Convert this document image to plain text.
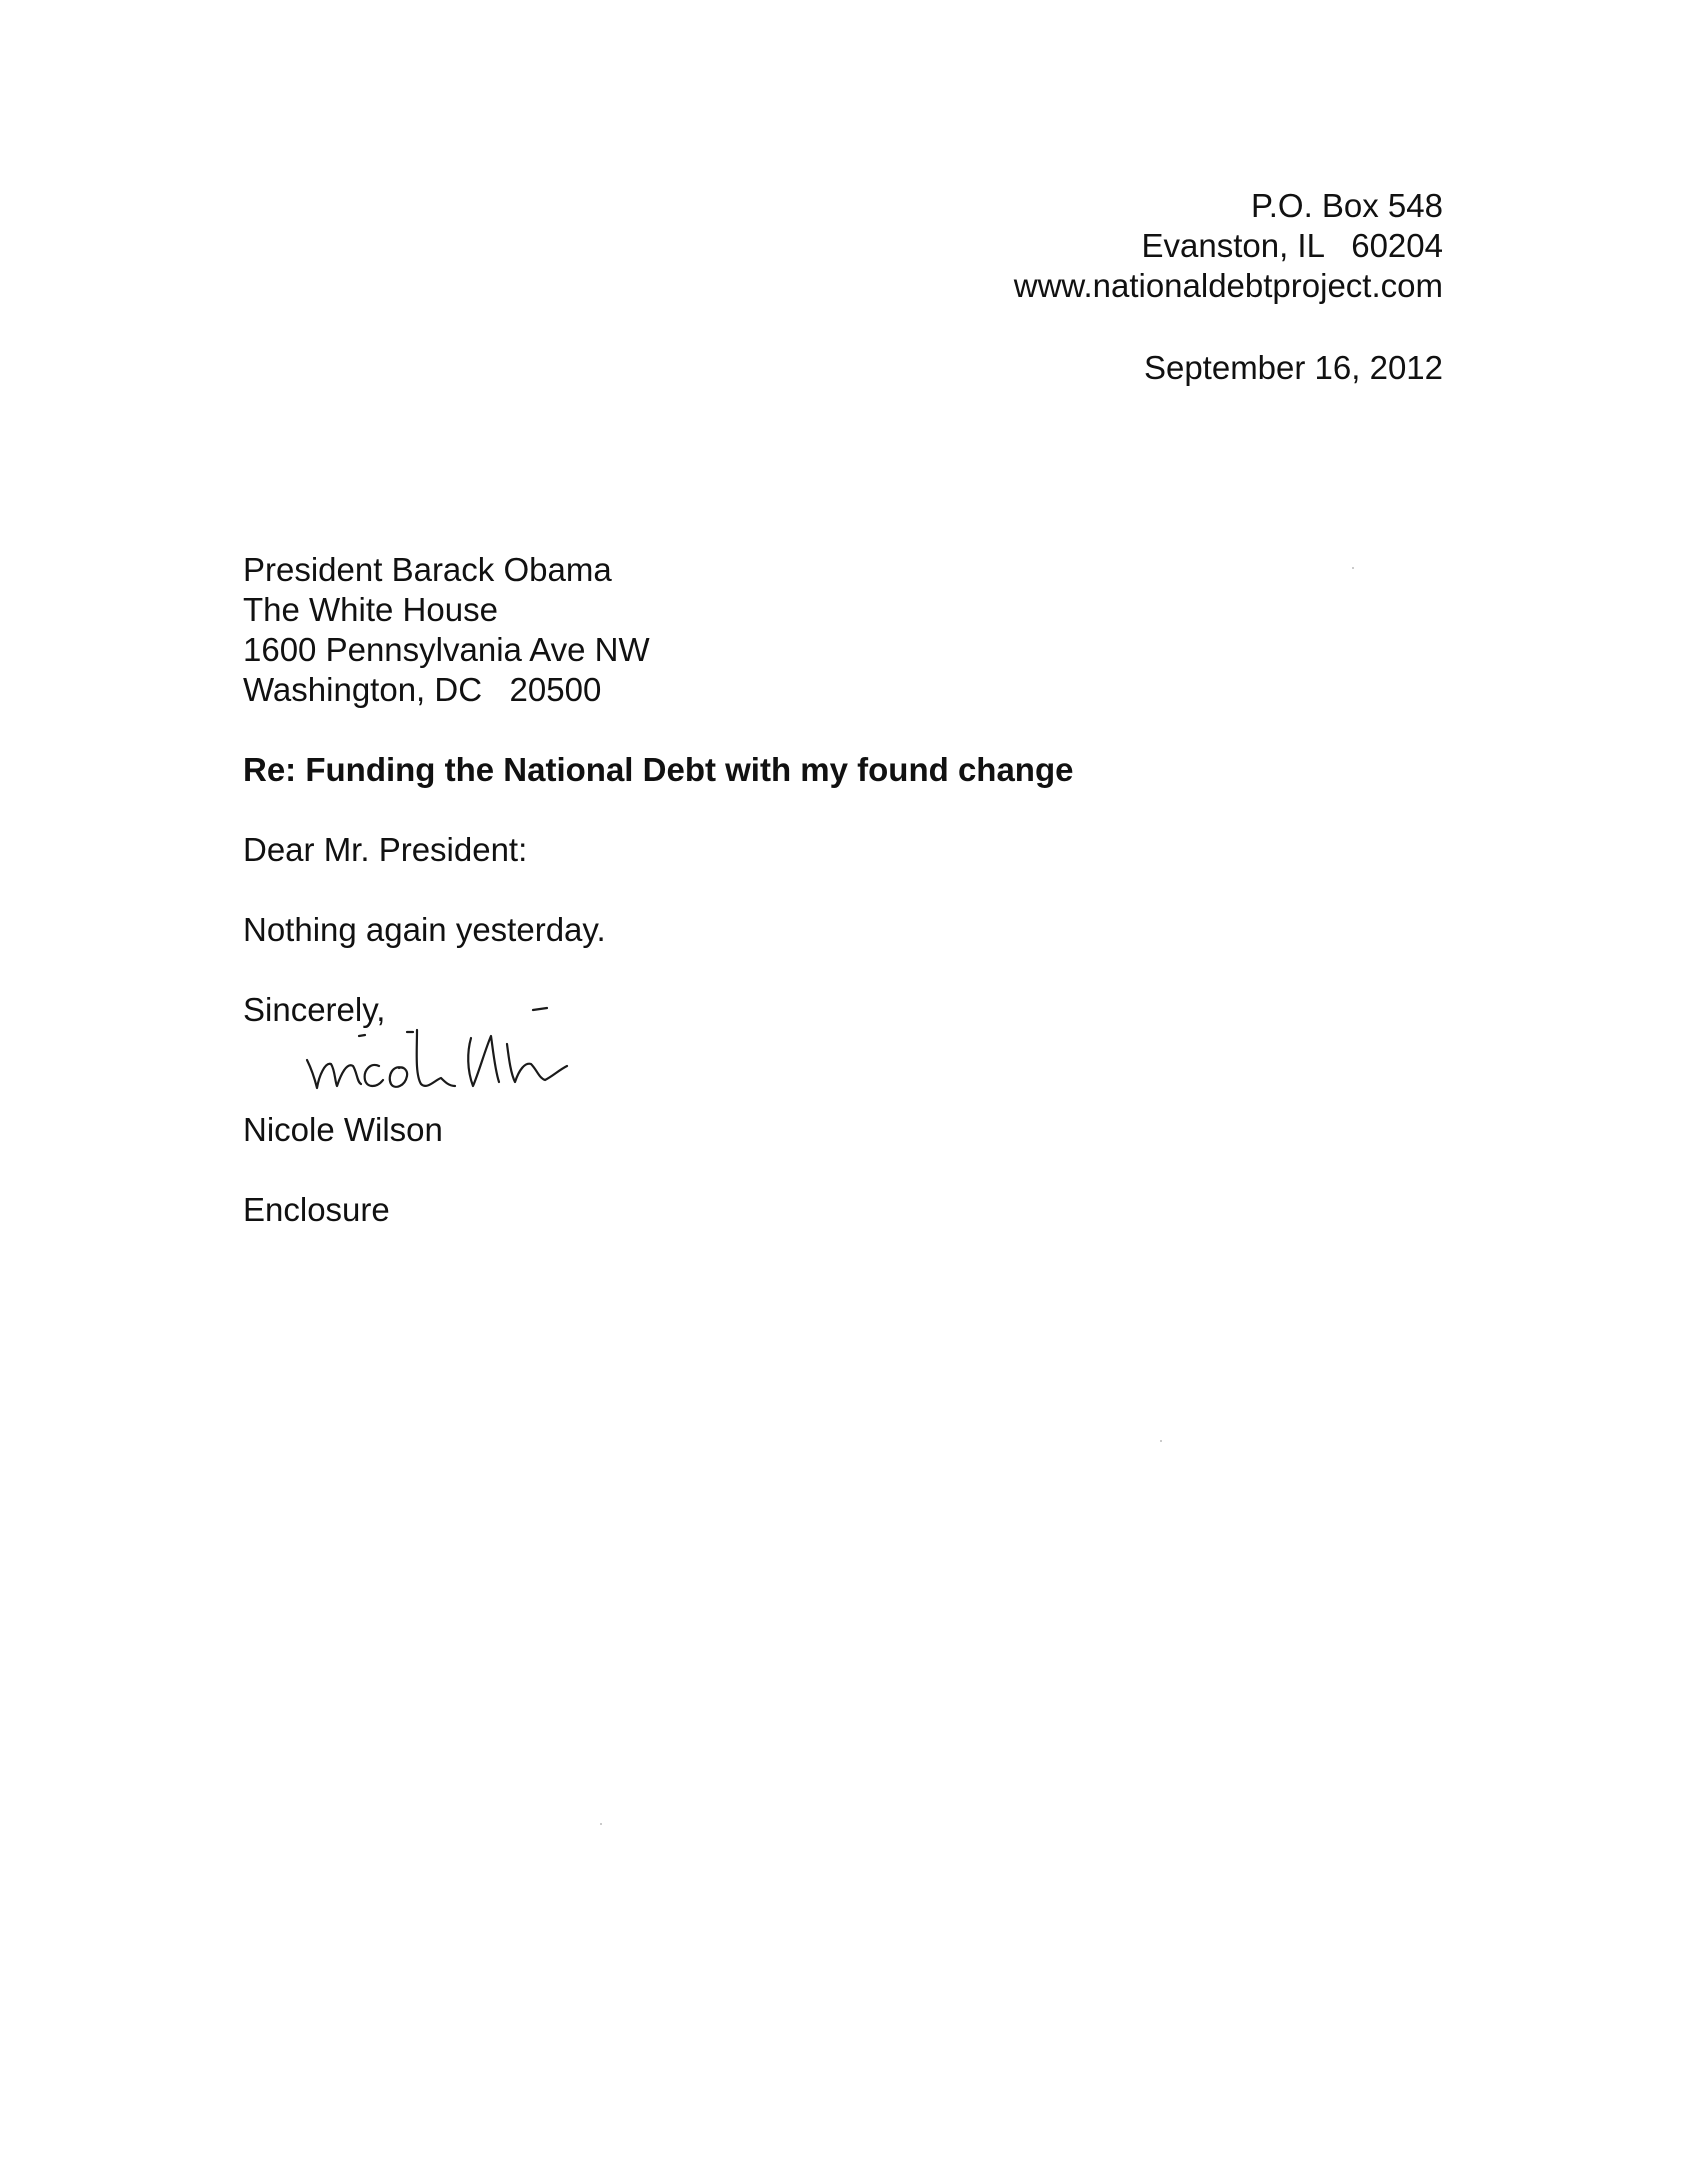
P.O. Box 548
Evanston, IL   60204
www.nationaldebtproject.com
September 16, 2012
President Barack Obama
The White House
1600 Pennsylvania Ave NW
Washington, DC   20500
Re: Funding the National Debt with my found change
Dear Mr. President:
Nothing again yesterday.
Sincerely,
Nicole Wilson
Enclosure
